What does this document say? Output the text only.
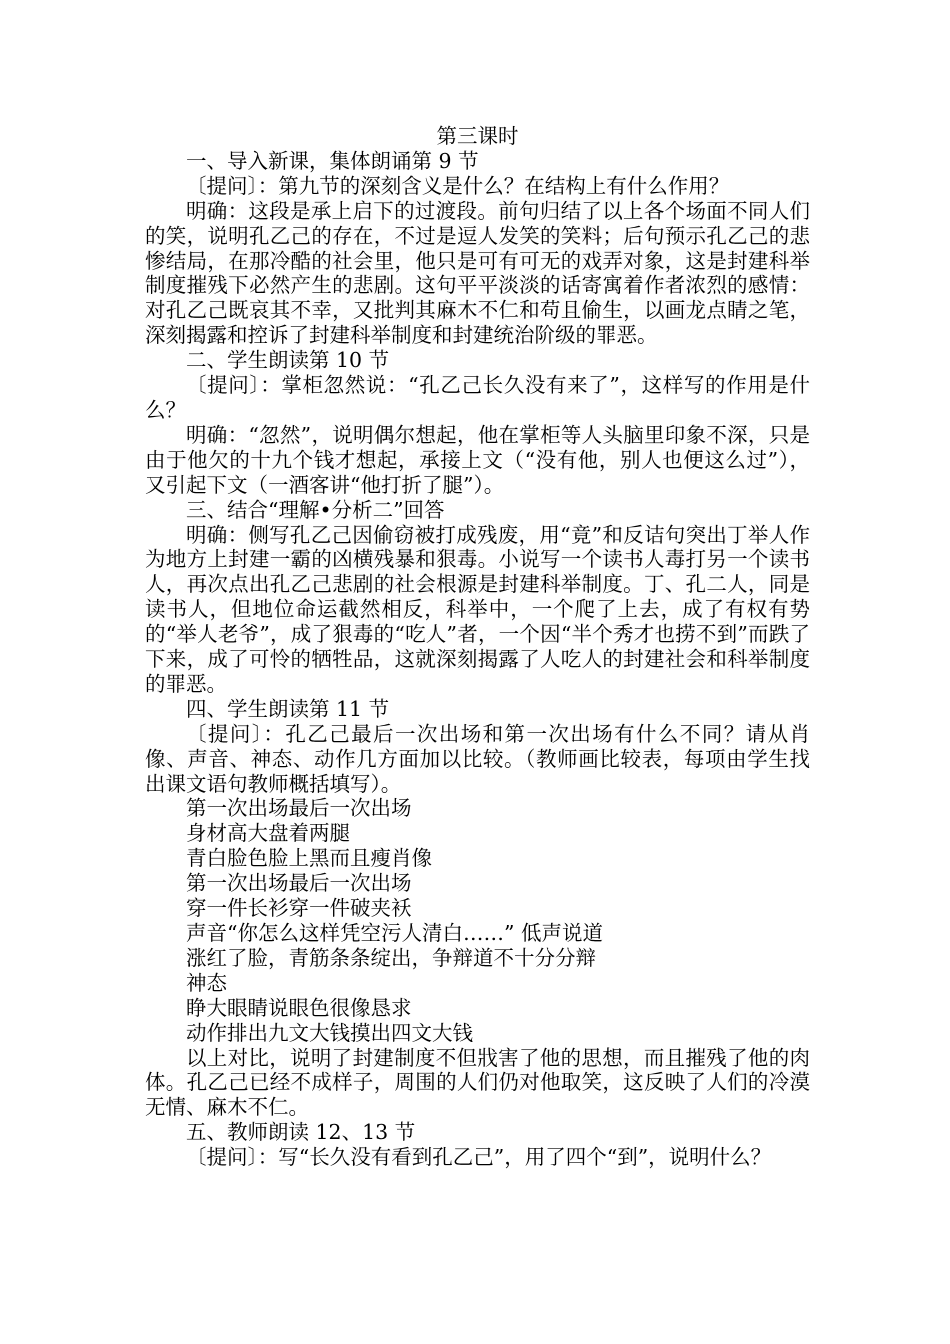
第三课时

一、导入新课，集体朗诵第 9 节

〔提问〕：第九节的深刻含义是什么？在结构上有什么作用？

明确：这段是承上启下的过渡段。前句归结了以上各个场面不同人们的笑，说明孔乙己的存在，不过是逗人发笑的笑料；后句预示孔乙己的悲惨结局，在那冷酷的社会里，他只是可有可无的戏弄对象，这是封建科举制度摧残下必然产生的悲剧。这句平平淡淡的话寄寓着作者浓烈的感情：对孔乙己既哀其不幸，又批判其麻木不仁和苟且偷生，以画龙点睛之笔，深刻揭露和控诉了封建科举制度和封建统治阶级的罪恶。

二、学生朗读第 10 节

〔提问〕：掌柜忽然说：“孔乙己长久没有来了”，这样写的作用是什么？

明确：“忽然”，说明偶尔想起，他在掌柜等人头脑里印象不深，只是由于他欠的十九个钱才想起，承接上文（“没有他，别人也便这么过”），又引起下文（一酒客讲“他打折了腿”）。

三、结合“理解•分析二”回答

明确：侧写孔乙己因偷窃被打成残废，用“竟”和反诘句突出丁举人作为地方上封建一霸的凶横残暴和狠毒。小说写一个读书人毒打另一个读书人，再次点出孔乙己悲剧的社会根源是封建科举制度。丁、孔二人，同是读书人，但地位命运截然相反，科举中，一个爬了上去，成了有权有势的“举人老爷”，成了狠毒的“吃人”者，一个因“半个秀才也捞不到”而跌了下来，成了可怜的牺牲品，这就深刻揭露了人吃人的封建社会和科举制度的罪恶。

四、学生朗读第 11 节

〔提问〕：孔乙己最后一次出场和第一次出场有什么不同？请从肖像、声音、神态、动作几方面加以比较。（教师画比较表，每项由学生找出课文语句教师概括填写）。

第一次出场最后一次出场

身材高大盘着两腿

青白脸色脸上黑而且瘦肖像

第一次出场最后一次出场

穿一件长衫穿一件破夹袄

声音“你怎么这样凭空污人清白……” 低声说道

涨红了脸，青筋条条绽出，争辩道不十分分辩

神态

睁大眼睛说眼色很像恳求

动作排出九文大钱摸出四文大钱

以上对比，说明了封建制度不但戕害了他的思想，而且摧残了他的肉体。孔乙己已经不成样子，周围的人们仍对他取笑，这反映了人们的冷漠无情、麻木不仁。

五、教师朗读 12、13 节

〔提问〕：写“长久没有看到孔乙己”，用了四个“到”，说明什么？
